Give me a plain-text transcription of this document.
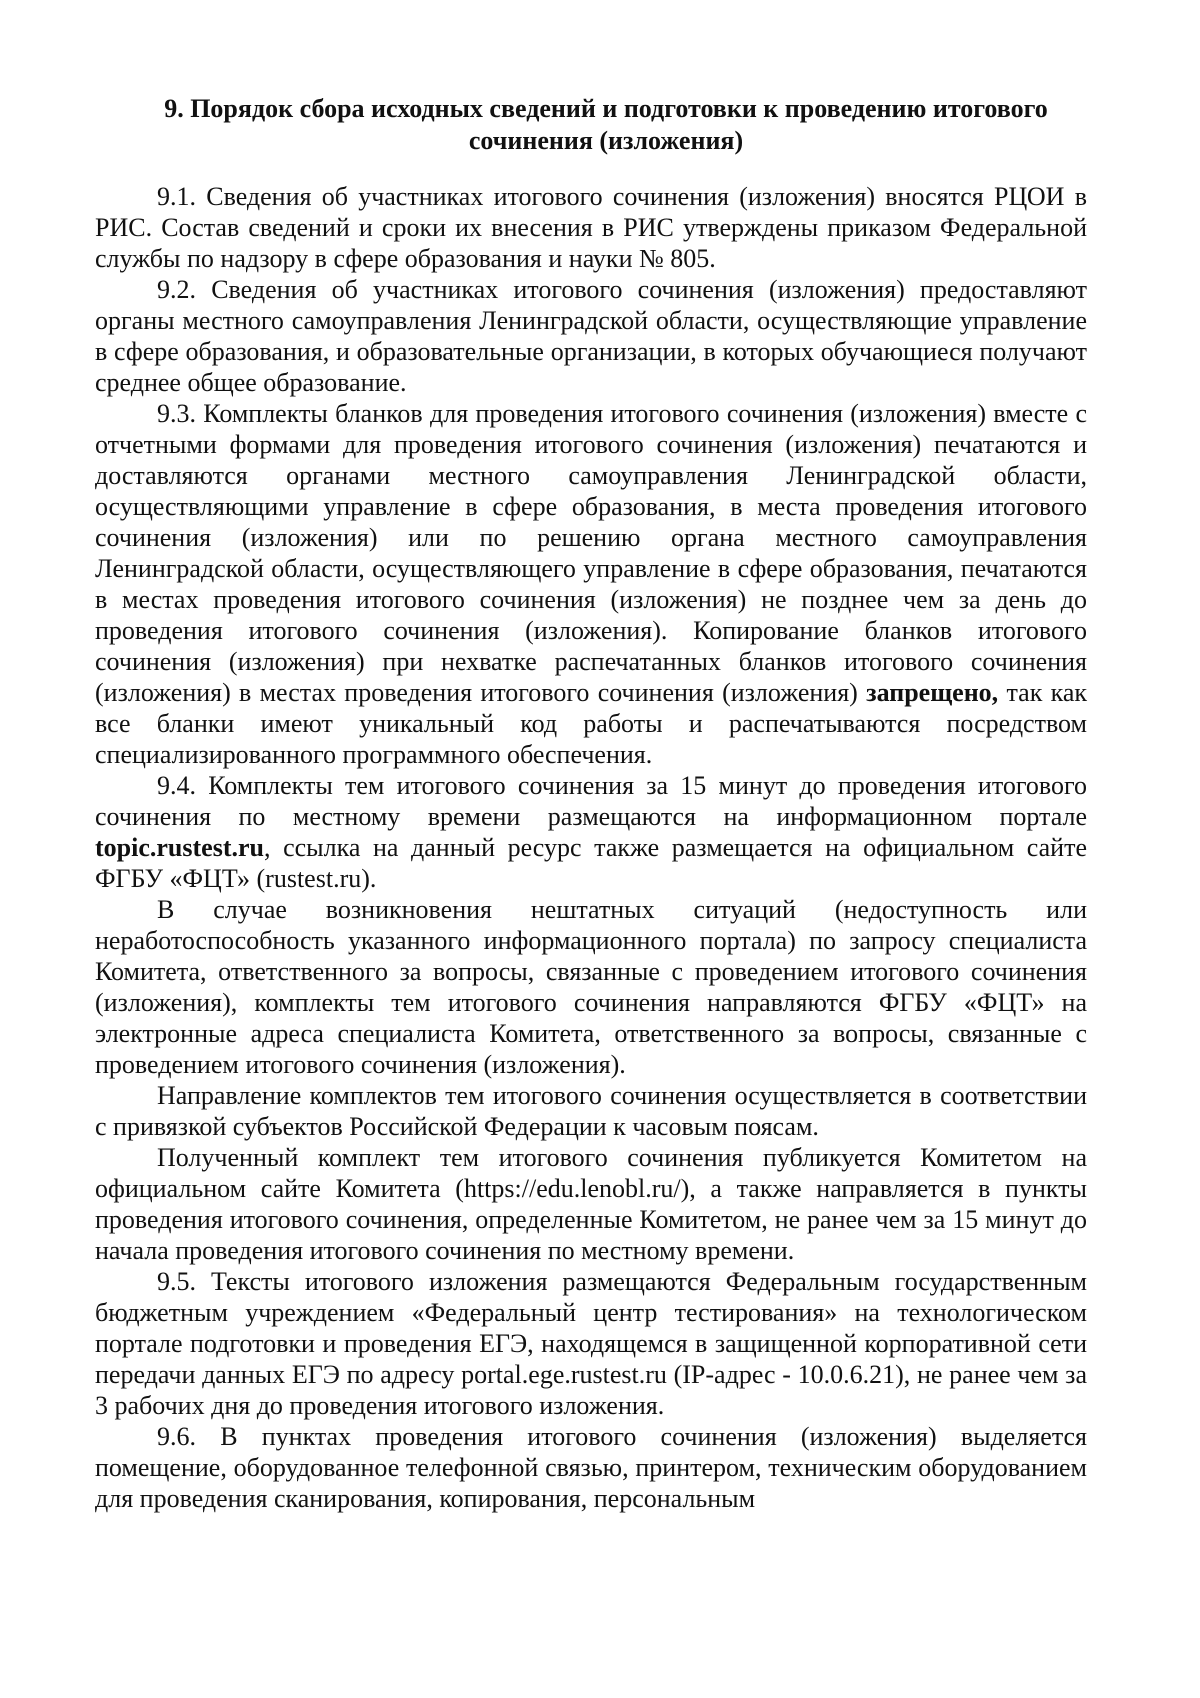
9. Порядок сбора исходных сведений и подготовки к проведению итогового
сочинения (изложения)

9.1. Сведения об участниках итогового сочинения (изложения) вносятся РЦОИ в РИС. Состав сведений и сроки их внесения в РИС утверждены приказом Федеральной службы по надзору в сфере образования и науки № 805.

9.2. Сведения об участниках итогового сочинения (изложения) предоставляют органы местного самоуправления Ленинградской области, осуществляющие управление в сфере образования, и образовательные организации, в которых обучающиеся получают среднее общее образование.

9.3. Комплекты бланков для проведения итогового сочинения (изложения) вместе с отчетными формами для проведения итогового сочинения (изложения) печатаются и доставляются органами местного самоуправления Ленинградской области, осуществляющими управление в сфере образования, в места проведения итогового сочинения (изложения) или по решению органа местного самоуправления Ленинградской области, осуществляющего управление в сфере образования, печатаются в местах проведения итогового сочинения (изложения) не позднее чем за день до проведения итогового сочинения (изложения). Копирование бланков итогового сочинения (изложения) при нехватке распечатанных бланков итогового сочинения (изложения) в местах проведения итогового сочинения (изложения) запрещено, так как все бланки имеют уникальный код работы и распечатываются посредством специализированного программного обеспечения.

9.4. Комплекты тем итогового сочинения за 15 минут до проведения итогового сочинения по местному времени размещаются на информационном портале topic.rustest.ru, ссылка на данный ресурс также размещается на официальном сайте ФГБУ «ФЦТ» (rustest.ru).

В случае возникновения нештатных ситуаций (недоступность или неработоспособность указанного информационного портала) по запросу специалиста Комитета, ответственного за вопросы, связанные с проведением итогового сочинения (изложения), комплекты тем итогового сочинения направляются ФГБУ «ФЦТ» на электронные адреса специалиста Комитета, ответственного за вопросы, связанные с проведением итогового сочинения (изложения).

Направление комплектов тем итогового сочинения осуществляется в соответствии с привязкой субъектов Российской Федерации к часовым поясам.

Полученный комплект тем итогового сочинения публикуется Комитетом на официальном сайте Комитета (https://edu.lenobl.ru/), а также направляется в пункты проведения итогового сочинения, определенные Комитетом, не ранее чем за 15 минут до начала проведения итогового сочинения по местному времени.

9.5. Тексты итогового изложения размещаются Федеральным государственным бюджетным учреждением «Федеральный центр тестирования» на технологическом портале подготовки и проведения ЕГЭ, находящемся в защищенной корпоративной сети передачи данных ЕГЭ по адресу portal.ege.rustest.ru (IP-адрес - 10.0.6.21), не ранее чем за 3 рабочих дня до проведения итогового изложения.

9.6. В пунктах проведения итогового сочинения (изложения) выделяется помещение, оборудованное телефонной связью, принтером, техническим оборудованием для проведения сканирования, копирования, персональным
